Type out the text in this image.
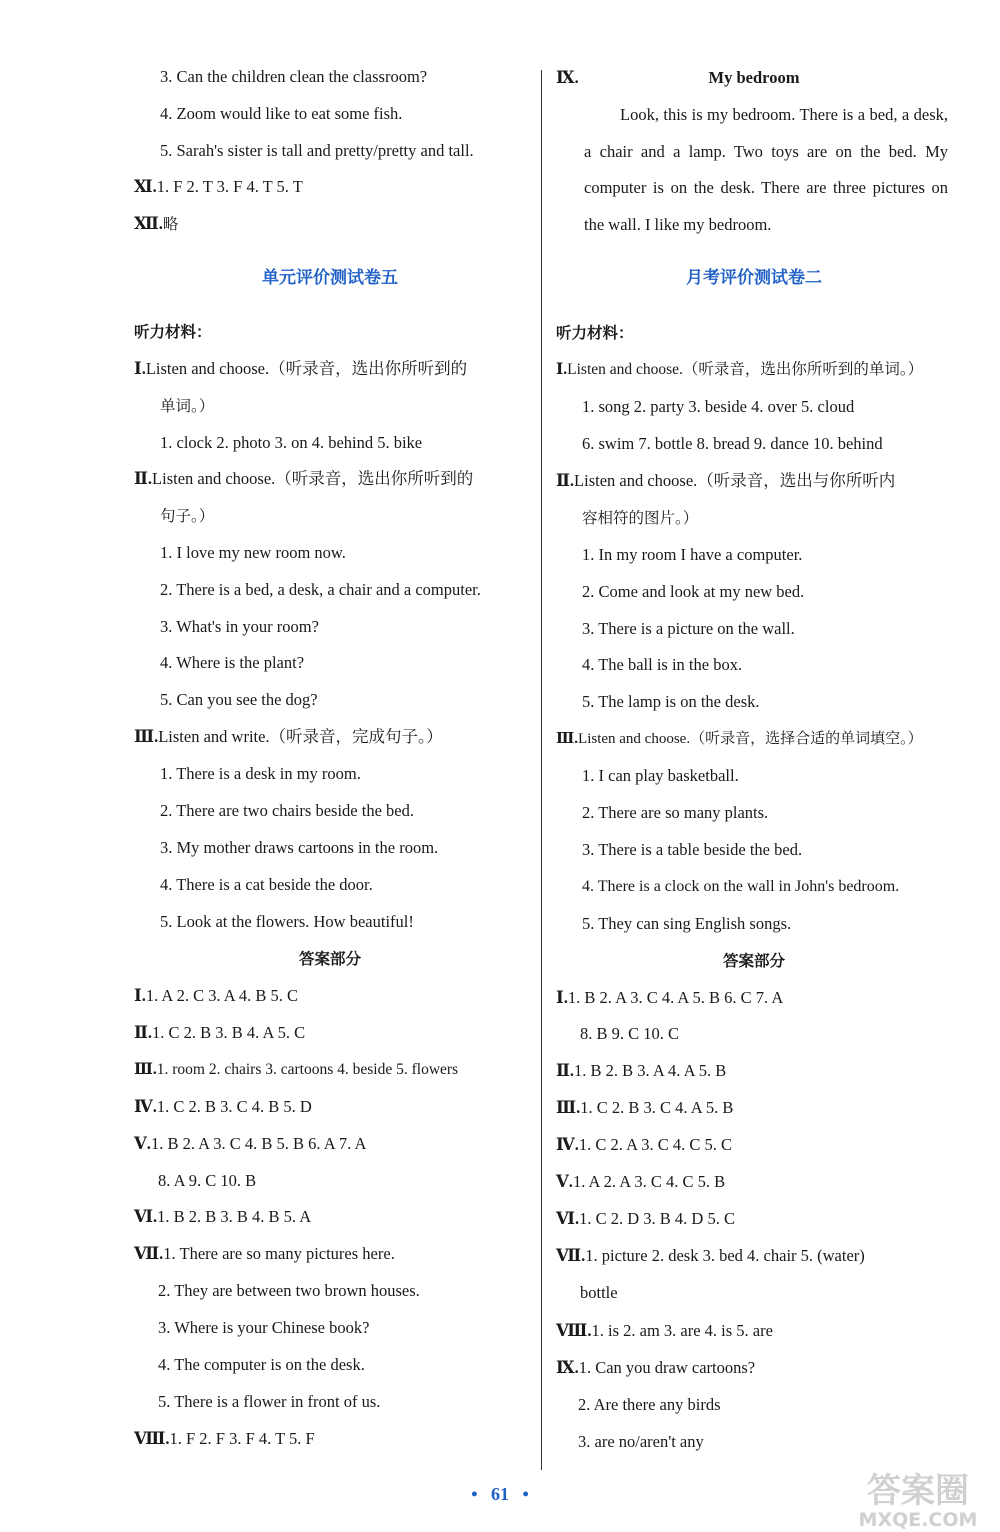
3. Can the children clean the classroom?
4. Zoom would like to eat some fish.
5. Sarah's sister is tall and pretty/pretty and tall.
Ⅺ.1. F 2. T 3. F 4. T 5. T
Ⅻ.略
单元评价测试卷五
听力材料：
Ⅰ.Listen and choose.（听录音，选出你所听到的
单词。）
1. clock 2. photo 3. on 4. behind 5. bike
Ⅱ.Listen and choose.（听录音，选出你所听到的
句子。）
1. I love my new room now.
2. There is a bed, a desk, a chair and a computer.
3. What's in your room?
4. Where is the plant?
5. Can you see the dog?
Ⅲ.Listen and write.（听录音，完成句子。）
1. There is a desk in my room.
2. There are two chairs beside the bed.
3. My mother draws cartoons in the room.
4. There is a cat beside the door.
5. Look at the flowers. How beautiful!
答案部分
Ⅰ.1. A 2. C 3. A 4. B 5. C
Ⅱ.1. C 2. B 3. B 4. A 5. C
Ⅲ.1. room 2. chairs 3. cartoons 4. beside 5. flowers
Ⅳ.1. C 2. B 3. C 4. B 5. D
Ⅴ.1. B 2. A 3. C 4. B 5. B 6. A 7. A
8. A 9. C 10. B
Ⅵ.1. B 2. B 3. B 4. B 5. A
Ⅶ.1. There are so many pictures here.
2. They are between two brown houses.
3. Where is your Chinese book?
4. The computer is on the desk.
5. There is a flower in front of us.
Ⅷ.1. F 2. F 3. F 4. T 5. F
Ⅸ.	My bedroom
Look, this is my bedroom. There is a bed, a desk, a chair and a lamp. Two toys are on the bed. My computer is on the desk. There are three pictures on the wall. I like my bedroom.
月考评价测试卷二
听力材料：
Ⅰ.Listen and choose.（听录音，选出你所听到的单词。）
1. song 2. party 3. beside 4. over 5. cloud
6. swim 7. bottle 8. bread 9. dance 10. behind
Ⅱ.Listen and choose.（听录音，选出与你所听内
容相符的图片。）
1. In my room I have a computer.
2. Come and look at my new bed.
3. There is a picture on the wall.
4. The ball is in the box.
5. The lamp is on the desk.
Ⅲ.Listen and choose.（听录音，选择合适的单词填空。）
1. I can play basketball.
2. There are so many plants.
3. There is a table beside the bed.
4. There is a clock on the wall in John's bedroom.
5. They can sing English songs.
答案部分
Ⅰ.1. B 2. A 3. C 4. A 5. B 6. C 7. A
8. B 9. C 10. C
Ⅱ.1. B 2. B 3. A 4. A 5. B
Ⅲ.1. C 2. B 3. C 4. A 5. B
Ⅳ.1. C 2. A 3. C 4. C 5. C
Ⅴ.1. A 2. A 3. C 4. C 5. B
Ⅵ.1. C 2. D 3. B 4. D 5. C
Ⅶ.1. picture 2. desk 3. bed 4. chair 5. (water)
bottle
Ⅷ.1. is 2. am 3. are 4. is 5. are
Ⅸ.1. Can you draw cartoons?
2. Are there any birds
3. are no/aren't any
• 61 •	答案圈
MXQE.COM
